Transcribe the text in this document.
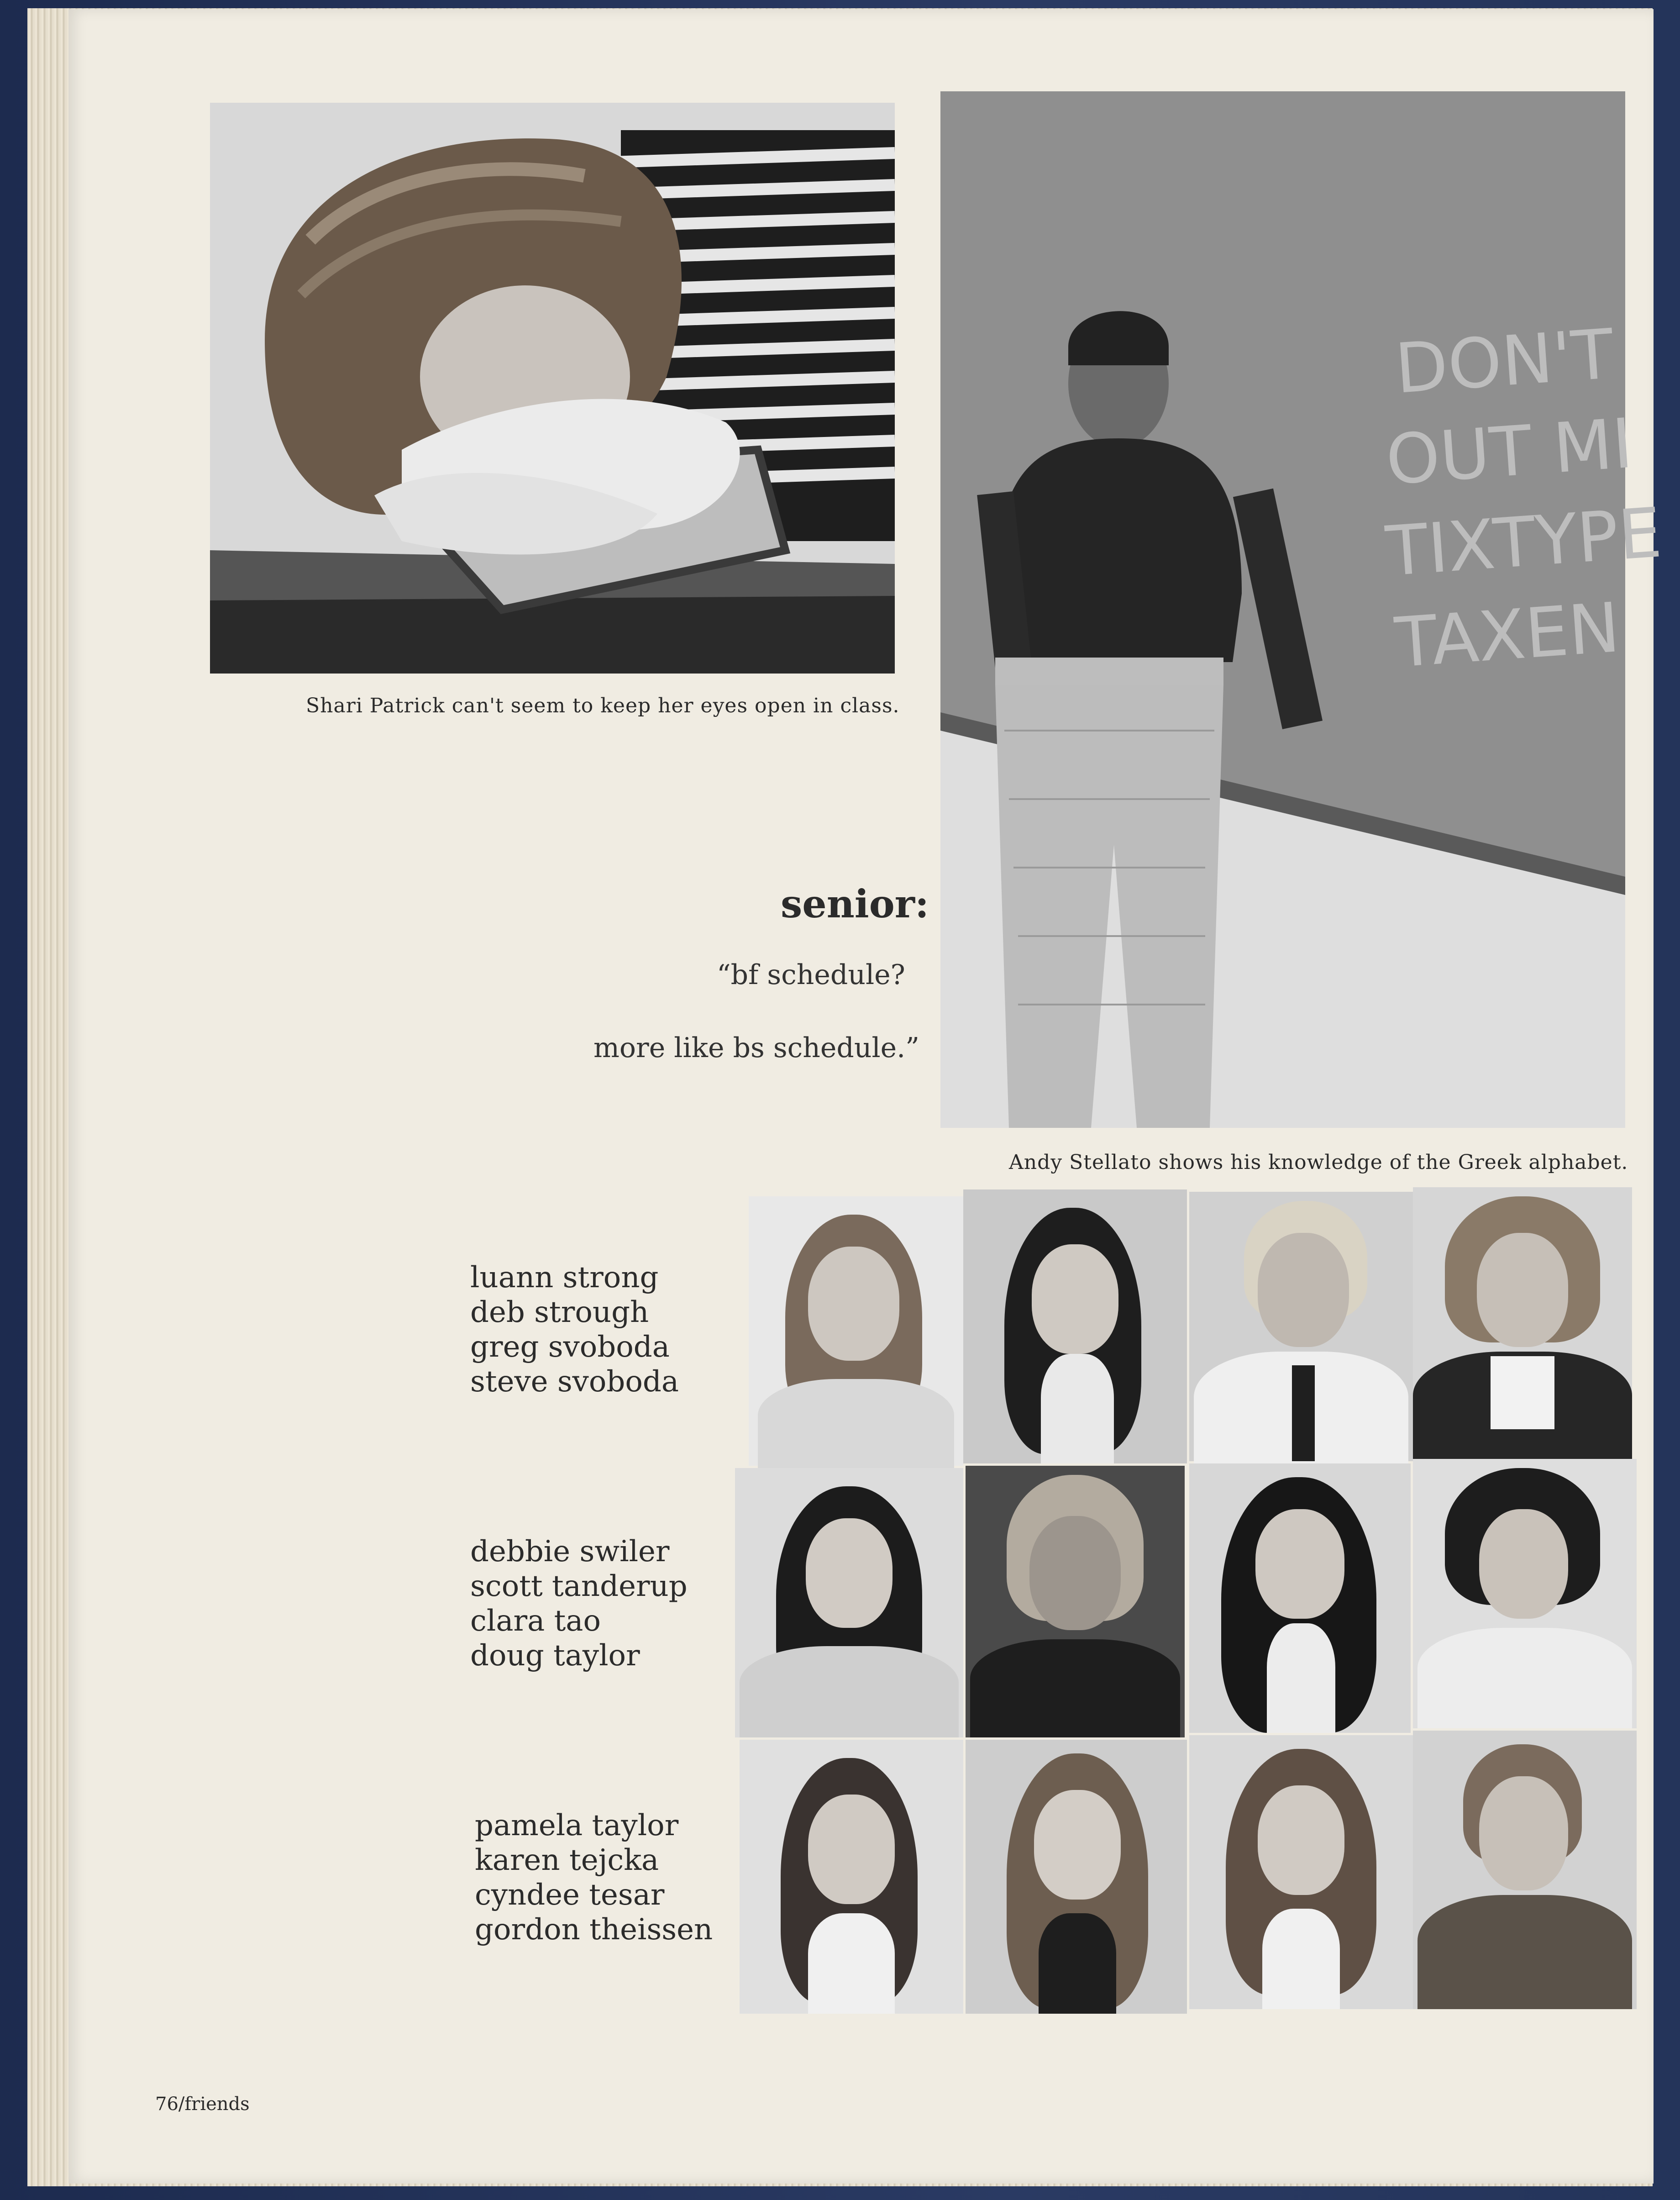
Shari Patrick can't seem to keep her eyes open in class.
DON'T
OUT MI
TIXTYPE
TAXEN
Andy Stellato shows his knowledge of the Greek alphabet.
senior:
“bf schedule?
more like bs schedule.”
luann strong
deb strough
greg svoboda
steve svoboda
debbie swiler
scott tanderup
clara tao
doug taylor
pamela taylor
karen tejcka
cyndee tesar
gordon theissen
76/friends
